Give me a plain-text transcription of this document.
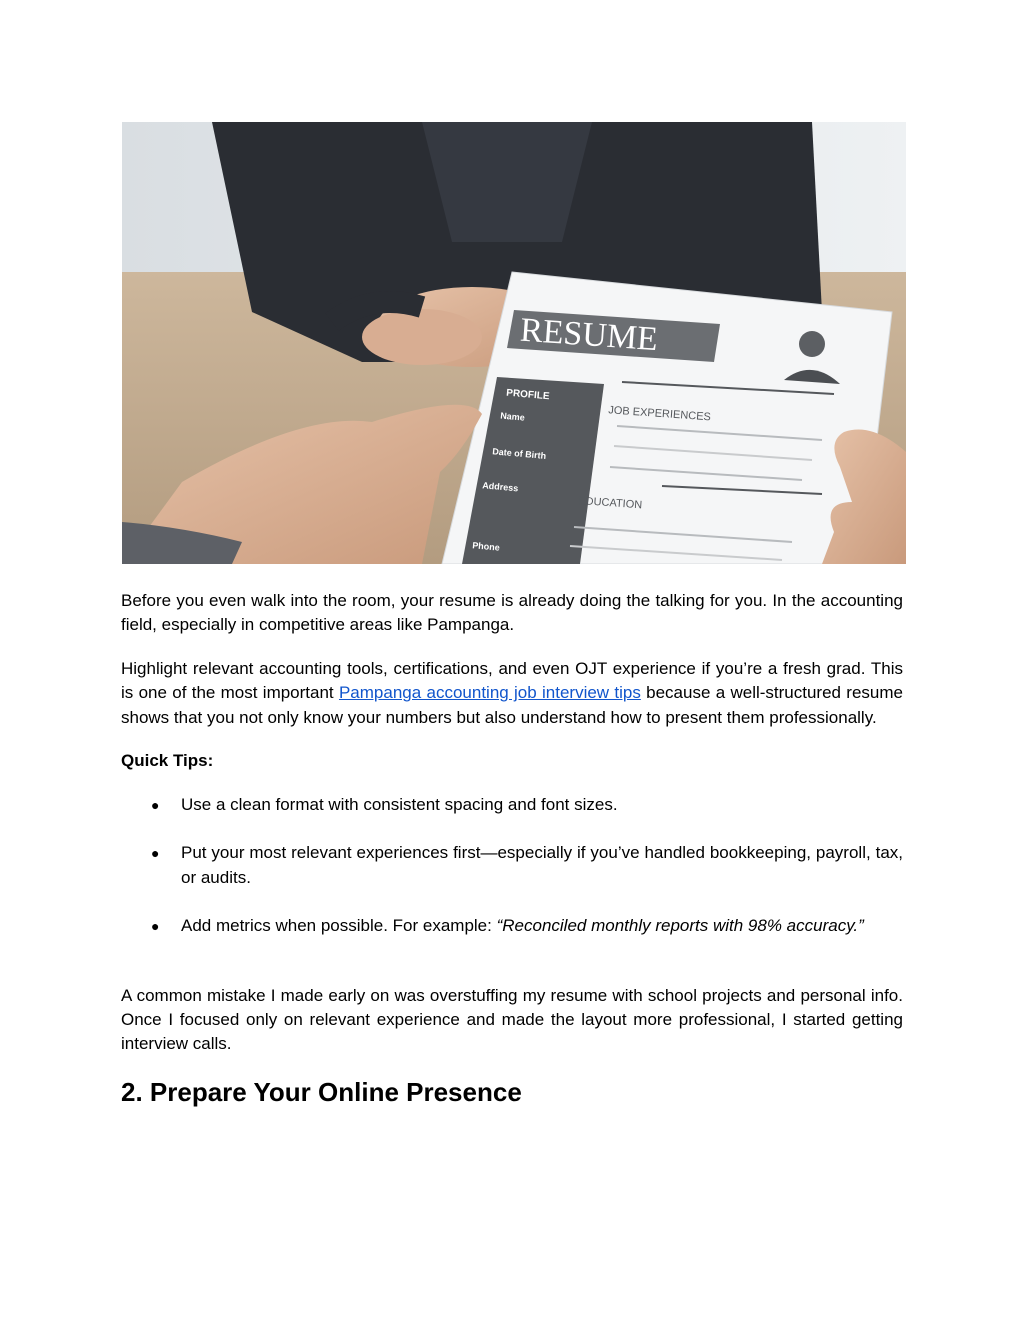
RESUME
PROFILE
Name
Date of Birth
Address
Phone
JOB EXPERIENCES
EDUCATION

Before you even walk into the room, your resume is already doing the talking for you. In the accounting field, especially in competitive areas like Pampanga.

Highlight relevant accounting tools, certifications, and even OJT experience if you’re a fresh grad. This is one of the most important Pampanga accounting job interview tips because a well-structured resume shows that you not only know your numbers but also understand how to present them professionally.

Quick Tips:
● Use a clean format with consistent spacing and font sizes.
● Put your most relevant experiences first—especially if you’ve handled bookkeeping, payroll, tax, or audits.
● Add metrics when possible. For example: “Reconciled monthly reports with 98% accuracy.”

A common mistake I made early on was overstuffing my resume with school projects and personal info. Once I focused only on relevant experience and made the layout more professional, I started getting interview calls.

2. Prepare Your Online Presence
